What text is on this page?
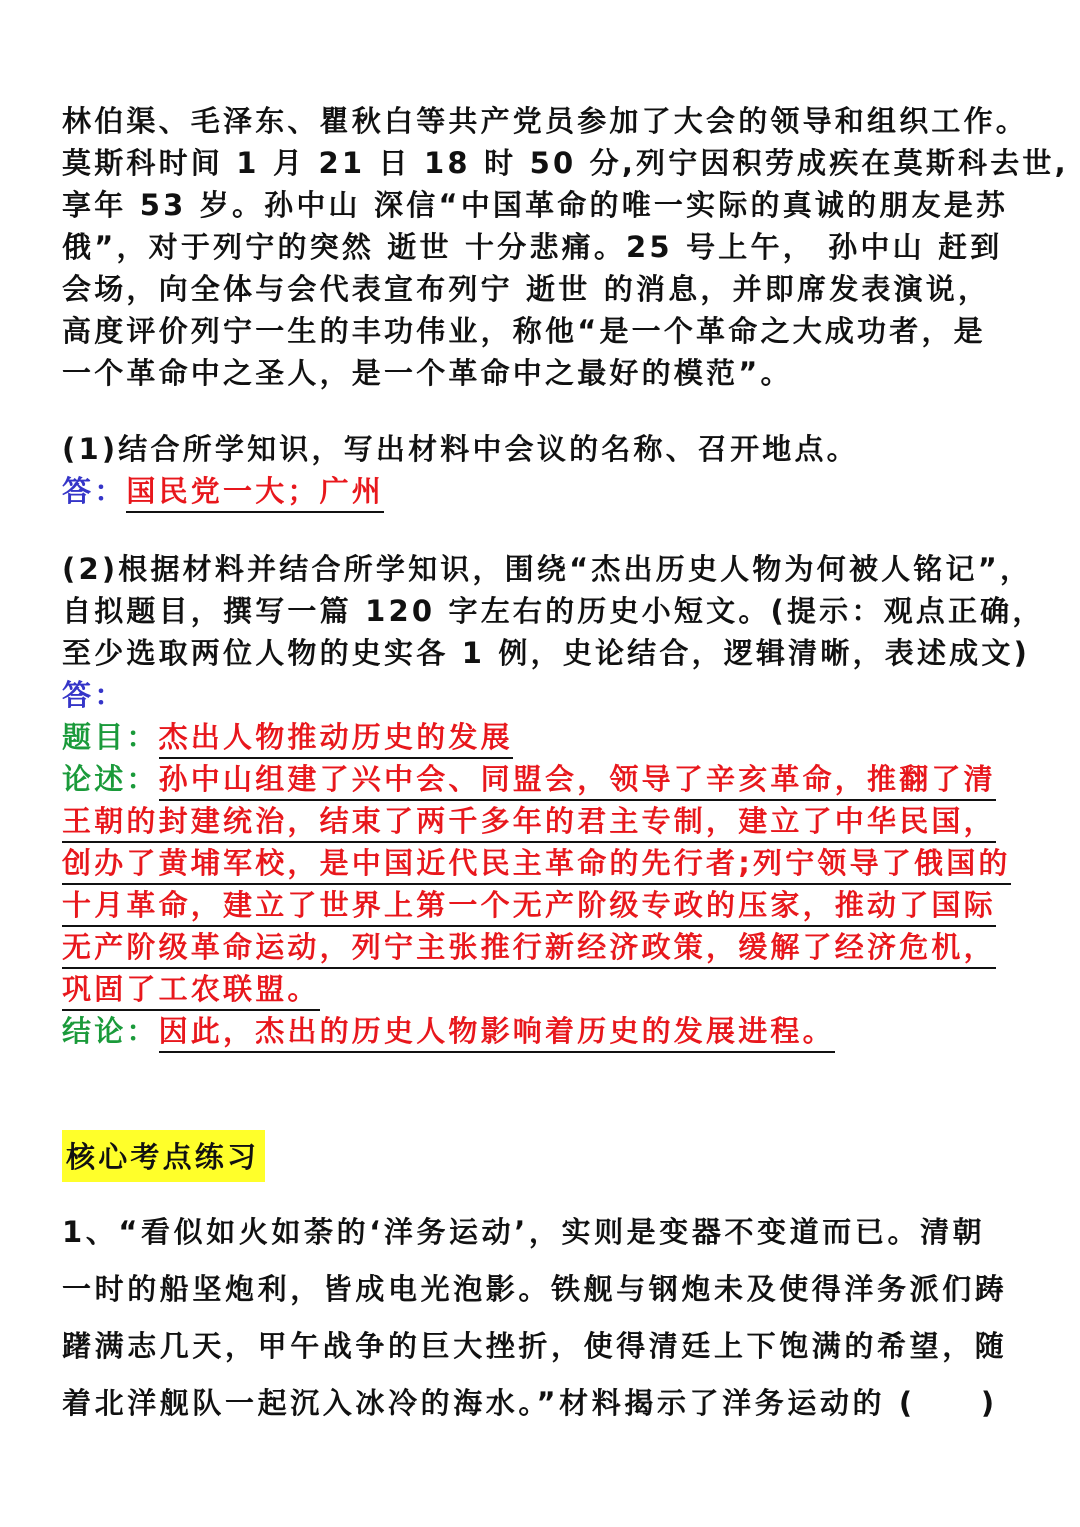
林伯渠、毛泽东、瞿秋白等共产党员参加了大会的领导和组织工作。
莫斯科时间 1 月 21 日 18 时 50 分,列宁因积劳成疾在莫斯科去世,
享年 53 岁。孙中山 深信“中国革命的唯一实际的真诚的朋友是苏
俄”，对于列宁的突然 逝世 十分悲痛。25 号上午， 孙中山 赶到
会场，向全体与会代表宣布列宁 逝世 的消息，并即席发表演说，
高度评价列宁一生的丰功伟业，称他“是一个革命之大成功者，是
一个革命中之圣人，是一个革命中之最好的模范”。
(1)结合所学知识，写出材料中会议的名称、召开地点。
答：国民党一大；广州
(2)根据材料并结合所学知识，围绕“杰出历史人物为何被人铭记”，
自拟题目，撰写一篇 120 字左右的历史小短文。(提示：观点正确，
至少选取两位人物的史实各 1 例，史论结合，逻辑清晰，表述成文)
答：
题目：杰出人物推动历史的发展
论述：孙中山组建了兴中会、同盟会，领导了辛亥革命，推翻了清
王朝的封建统治，结束了两千多年的君主专制，建立了中华民国，
创办了黄埔军校，是中国近代民主革命的先行者;列宁领导了俄国的
十月革命，建立了世界上第一个无产阶级专政的压家，推动了国际
无产阶级革命运动，列宁主张推行新经济政策，缓解了经济危机，
巩固了工农联盟。
结论：因此，杰出的历史人物影响着历史的发展进程。
核心考点练习
1、“看似如火如荼的‘洋务运动’，实则是变器不变道而已。清朝
一时的船坚炮利，皆成电光泡影。铁舰与钢炮未及使得洋务派们踌
躇满志几天，甲午战争的巨大挫折，使得清廷上下饱满的希望，随
着北洋舰队一起沉入冰冷的海水。”材料揭示了洋务运动的 (　　)
